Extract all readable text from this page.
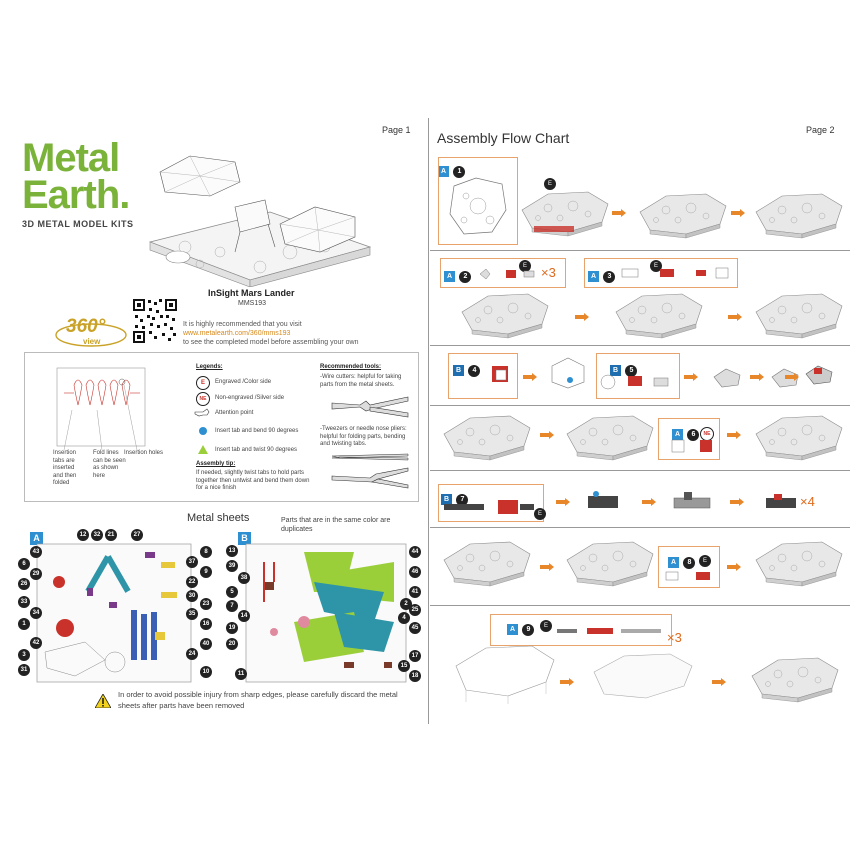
Page 1
Metal
Earth.
3D METAL MODEL KITS
InSight Mars Lander
MMS193
360°
view
It is highly recommended that you visit
www.metalearth.com/360/mms193
to see the completed model before assembling your own
Insertion tabs are inserted and then folded
Fold lines can be seen as shown here
Insertion holes
Legends:
E	Engraved /Color side
NE	Non-engraved /Silver side
Attention point
Insert tab and bend 90 degrees
Insert tab and twist 90 degrees
Assembly tip:
If needed, slightly twist tabs to hold parts together then untwist and bend them down for a nice finish
Recommended tools:
-Wire cutters: helpful for taking parts from the metal sheets.
-Tweezers or needle nose pliers: helpful for folding parts, bending and twisting tabs.
Metal sheets	Parts that are in the same color are duplicates
A	B
12	32	21	27
43
6
29
26
33
34
1
42
3
31
8
37
9
22
30
23
35
16
40
24
10
13
39
38
5
7
14
19
20
11
44
46
41
2
25
4
45
17
15
18
In order to avoid possible injury from sharp edges, please carefully discard the metal sheets after parts have been removed
Page 2
Assembly Flow Chart
A 1
E
A 2
E	×3	A 3
E
B 4	B 5
A 6	NE
B 7
E
×4
A 8	E
A 9	E
×3
